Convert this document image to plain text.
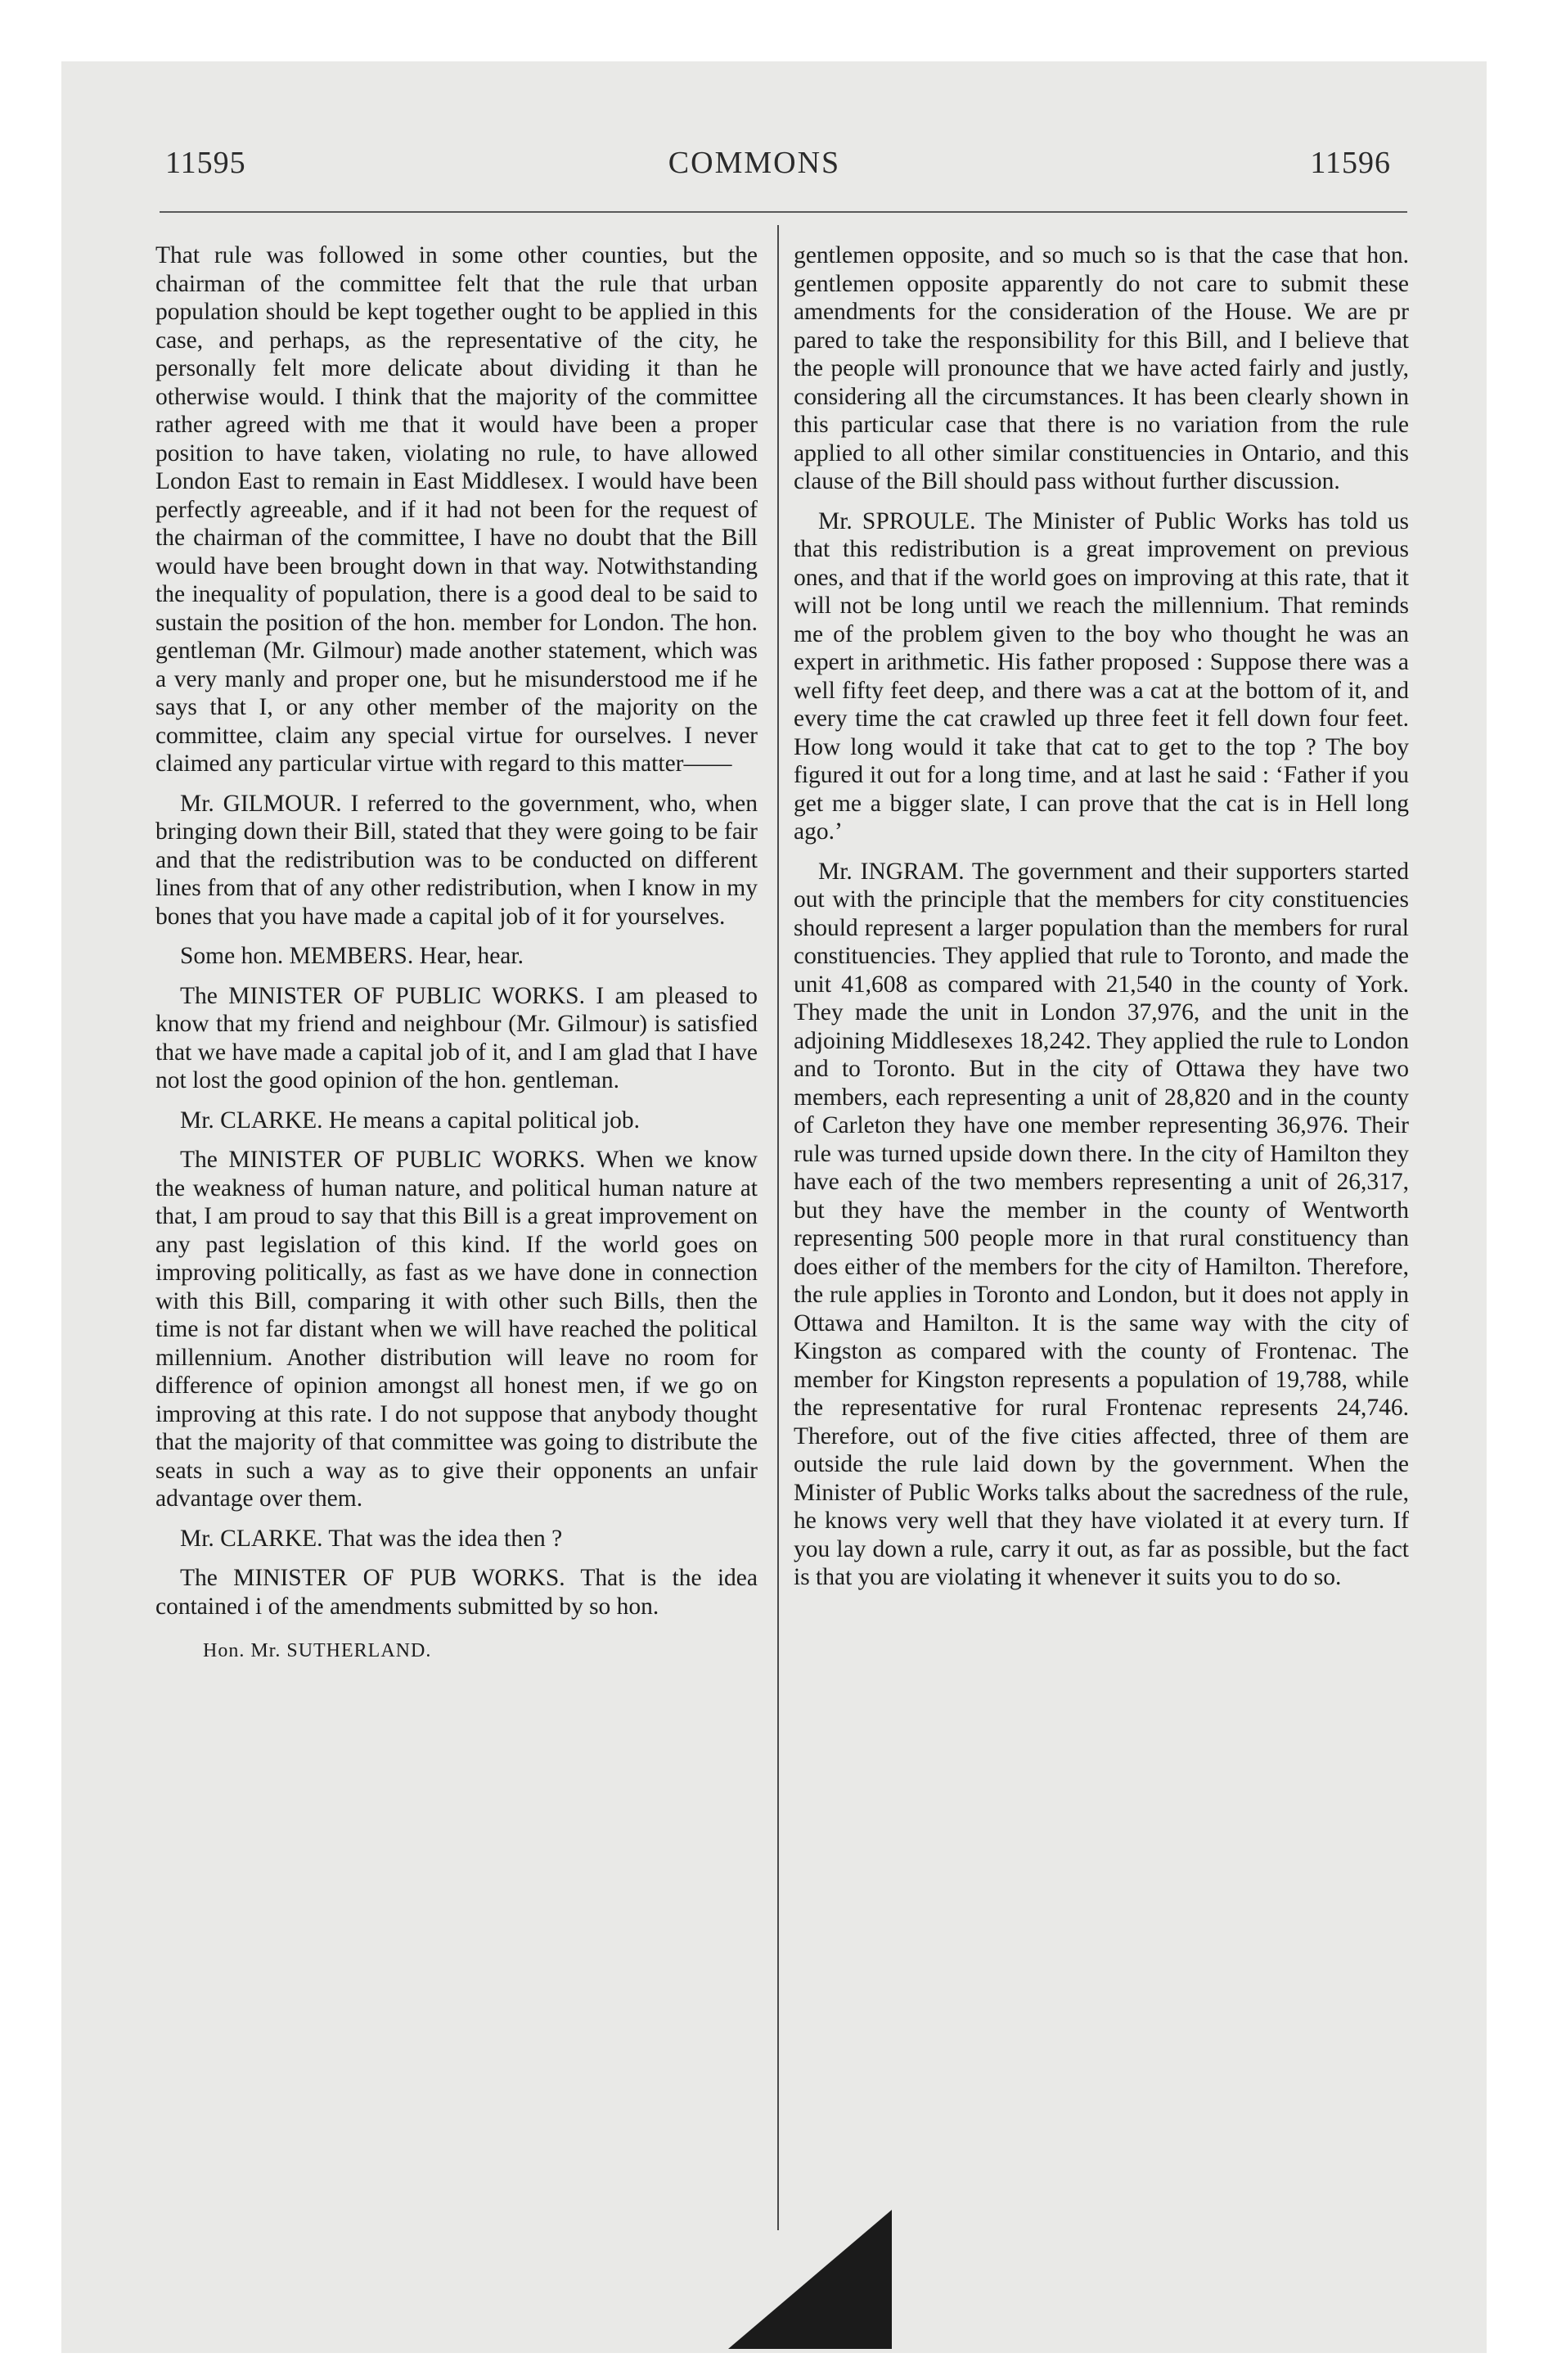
11595	COMMONS	11596

That rule was followed in some other counties, but the chairman of the committee felt that the rule that urban population should be kept together ought to be applied in this case, and perhaps, as the representative of the city, he personally felt more delicate about dividing it than he otherwise would. I think that the majority of the committee rather agreed with me that it would have been a proper position to have taken, violating no rule, to have allowed London East to remain in East Middlesex. I would have been perfectly agreeable, and if it had not been for the request of the chairman of the committee, I have no doubt that the Bill would have been brought down in that way. Notwithstanding the inequality of population, there is a good deal to be said to sustain the position of the hon. member for London. The hon. gentleman (Mr. Gilmour) made another statement, which was a very manly and proper one, but he misunderstood me if he says that I, or any other member of the majority on the committee, claim any special virtue for ourselves. I never claimed any particular virtue with regard to this matter——

Mr. GILMOUR. I referred to the government, who, when bringing down their Bill, stated that they were going to be fair and that the redistribution was to be conducted on different lines from that of any other redistribution, when I know in my bones that you have made a capital job of it for yourselves.

Some hon. MEMBERS. Hear, hear.

The MINISTER OF PUBLIC WORKS. I am pleased to know that my friend and neighbour (Mr. Gilmour) is satisfied that we have made a capital job of it, and I am glad that I have not lost the good opinion of the hon. gentleman.

Mr. CLARKE. He means a capital political job.

The MINISTER OF PUBLIC WORKS. When we know the weakness of human nature, and political human nature at that, I am proud to say that this Bill is a great improvement on any past legislation of this kind. If the world goes on improving politically, as fast as we have done in connection with this Bill, comparing it with other such Bills, then the time is not far distant when we will have reached the political millennium. Another distribution will leave no room for difference of opinion amongst all honest men, if we go on improving at this rate. I do not suppose that anybody thought that the majority of that committee was going to distribute the seats in such a way as to give their opponents an unfair advantage over them.

Mr. CLARKE. That was the idea then ?

The MINISTER OF PUB WORKS. That is the idea contained i of the amendments submitted by so hon.

Hon. Mr. SUTHERLAND.

gentlemen opposite, and so much so is that the case that hon. gentlemen opposite apparently do not care to submit these amendments for the consideration of the House. We are pr pared to take the responsibility for this Bill, and I believe that the people will pronounce that we have acted fairly and justly, considering all the circumstances. It has been clearly shown in this particular case that there is no variation from the rule applied to all other similar constituencies in Ontario, and this clause of the Bill should pass without further discussion.

Mr. SPROULE. The Minister of Public Works has told us that this redistribution is a great improvement on previous ones, and that if the world goes on improving at this rate, that it will not be long until we reach the millennium. That reminds me of the problem given to the boy who thought he was an expert in arithmetic. His father proposed : Suppose there was a well fifty feet deep, and there was a cat at the bottom of it, and every time the cat crawled up three feet it fell down four feet. How long would it take that cat to get to the top ? The boy figured it out for a long time, and at last he said : ‘Father if you get me a bigger slate, I can prove that the cat is in Hell long ago.’

Mr. INGRAM. The government and their supporters started out with the principle that the members for city constituencies should represent a larger population than the members for rural constituencies. They applied that rule to Toronto, and made the unit 41,608 as compared with 21,540 in the county of York. They made the unit in London 37,976, and the unit in the adjoining Middlesexes 18,242. They applied the rule to London and to Toronto. But in the city of Ottawa they have two members, each representing a unit of 28,820 and in the county of Carleton they have one member representing 36,976. Their rule was turned upside down there. In the city of Hamilton they have each of the two members representing a unit of 26,317, but they have the member in the county of Wentworth representing 500 people more in that rural constituency than does either of the members for the city of Hamilton. Therefore, the rule applies in Toronto and London, but it does not apply in Ottawa and Hamilton. It is the same way with the city of Kingston as compared with the county of Frontenac. The member for Kingston represents a population of 19,788, while the representative for rural Frontenac represents 24,746. Therefore, out of the five cities affected, three of them are outside the rule laid down by the government. When the Minister of Public Works talks about the sacredness of the rule, he knows very well that they have violated it at every turn. If you lay down a rule, carry it out, as far as possible, but the fact is that you are violating it whenever it suits you to do so.
